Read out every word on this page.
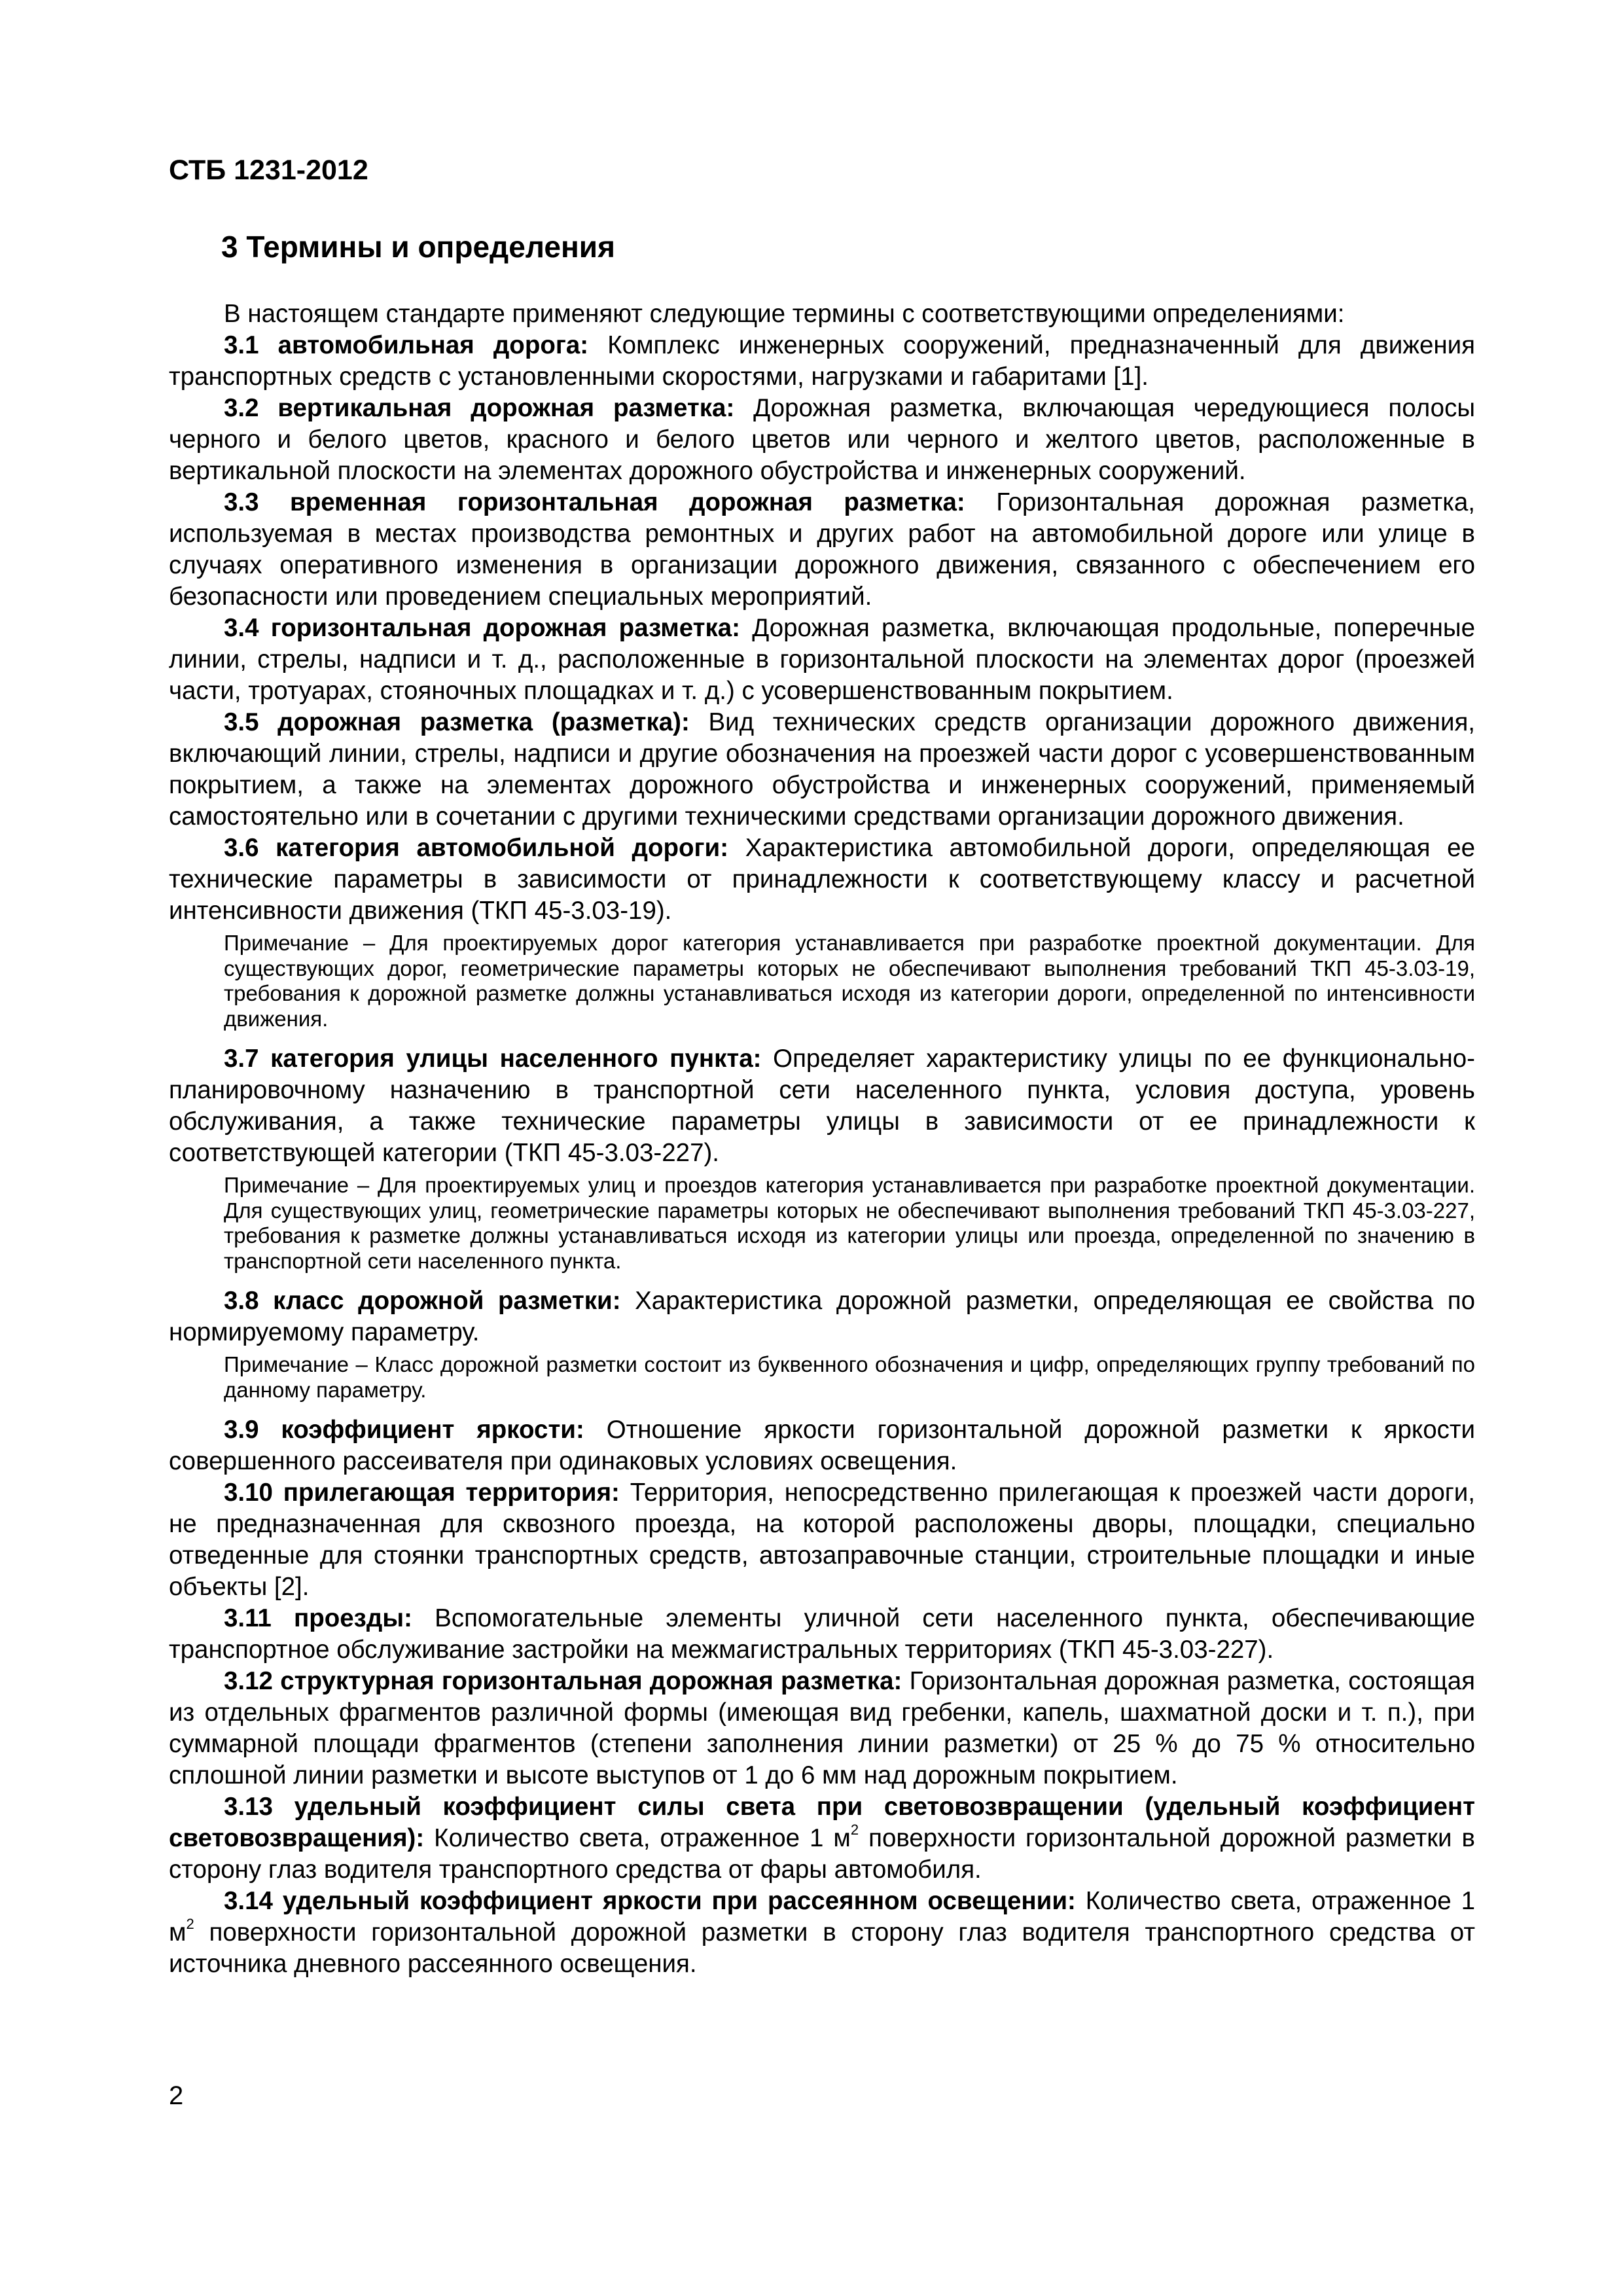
СТБ 1231-2012
3 Термины и определения

В настоящем стандарте применяют следующие термины с соответствующими определениями:

3.1 автомобильная дорога: Комплекс инженерных сооружений, предназначенный для движения транспортных средств с установленными скоростями, нагрузками и габаритами [1].

3.2 вертикальная дорожная разметка: Дорожная разметка, включающая чередующиеся полосы черного и белого цветов, красного и белого цветов или черного и желтого цветов, расположенные в вертикальной плоскости на элементах дорожного обустройства и инженерных сооружений.

3.3 временная горизонтальная дорожная разметка: Горизонтальная дорожная разметка, используемая в местах производства ремонтных и других работ на автомобильной дороге или улице в случаях оперативного изменения в организации дорожного движения, связанного с обеспечением его безопасности или проведением специальных мероприятий.

3.4 горизонтальная дорожная разметка: Дорожная разметка, включающая продольные, поперечные линии, стрелы, надписи и т. д., расположенные в горизонтальной плоскости на элементах дорог (проезжей части, тротуарах, стояночных площадках и т. д.) с усовершенствованным покрытием.

3.5 дорожная разметка (разметка): Вид технических средств организации дорожного движения, включающий линии, стрелы, надписи и другие обозначения на проезжей части дорог с усовершенствованным покрытием, а также на элементах дорожного обустройства и инженерных сооружений, применяемый самостоятельно или в сочетании с другими техническими средствами организации дорожного движения.

3.6 категория автомобильной дороги: Характеристика автомобильной дороги, определяющая ее технические параметры в зависимости от принадлежности к соответствующему классу и расчетной интенсивности движения (ТКП 45-3.03-19).

Примечание – Для проектируемых дорог категория устанавливается при разработке проектной документации. Для существующих дорог, геометрические параметры которых не обеспечивают выполнения требований ТКП 45-3.03-19, требования к дорожной разметке должны устанавливаться исходя из категории дороги, определенной по интенсивности движения.

3.7 категория улицы населенного пункта: Определяет характеристику улицы по ее функционально-планировочному назначению в транспортной сети населенного пункта, условия доступа, уровень обслуживания, а также технические параметры улицы в зависимости от ее принадлежности к соответствующей категории (ТКП 45-3.03-227).

Примечание – Для проектируемых улиц и проездов категория устанавливается при разработке проектной документации. Для существующих улиц, геометрические параметры которых не обеспечивают выполнения требований ТКП 45-3.03-227, требования к разметке должны устанавливаться исходя из категории улицы или проезда, определенной по значению в транспортной сети населенного пункта.

3.8 класс дорожной разметки: Характеристика дорожной разметки, определяющая ее свойства по нормируемому параметру.

Примечание – Класс дорожной разметки состоит из буквенного обозначения и цифр, определяющих группу требований по данному параметру.

3.9 коэффициент яркости: Отношение яркости горизонтальной дорожной разметки к яркости совершенного рассеивателя при одинаковых условиях освещения.

3.10 прилегающая территория: Территория, непосредственно прилегающая к проезжей части дороги, не предназначенная для сквозного проезда, на которой расположены дворы, площадки, специально отведенные для стоянки транспортных средств, автозаправочные станции, строительные площадки и иные объекты [2].

3.11 проезды: Вспомогательные элементы уличной сети населенного пункта, обеспечивающие транспортное обслуживание застройки на межмагистральных территориях (ТКП 45-3.03-227).

3.12 структурная горизонтальная дорожная разметка: Горизонтальная дорожная разметка, состоящая из отдельных фрагментов различной формы (имеющая вид гребенки, капель, шахматной доски и т. п.), при суммарной площади фрагментов (степени заполнения линии разметки) от 25 % до 75 % относительно сплошной линии разметки и высоте выступов от 1 до 6 мм над дорожным покрытием.

3.13 удельный коэффициент силы света при световозвращении (удельный коэффициент световозвращения): Количество света, отраженное 1 $м^2$ поверхности горизонтальной дорожной разметки в сторону глаз водителя транспортного средства от фары автомобиля.

3.14 удельный коэффициент яркости при рассеянном освещении: Количество света, отраженное 1 $м^2$ поверхности горизонтальной дорожной разметки в сторону глаз водителя транспортного средства от источника дневного рассеянного освещения.

2
